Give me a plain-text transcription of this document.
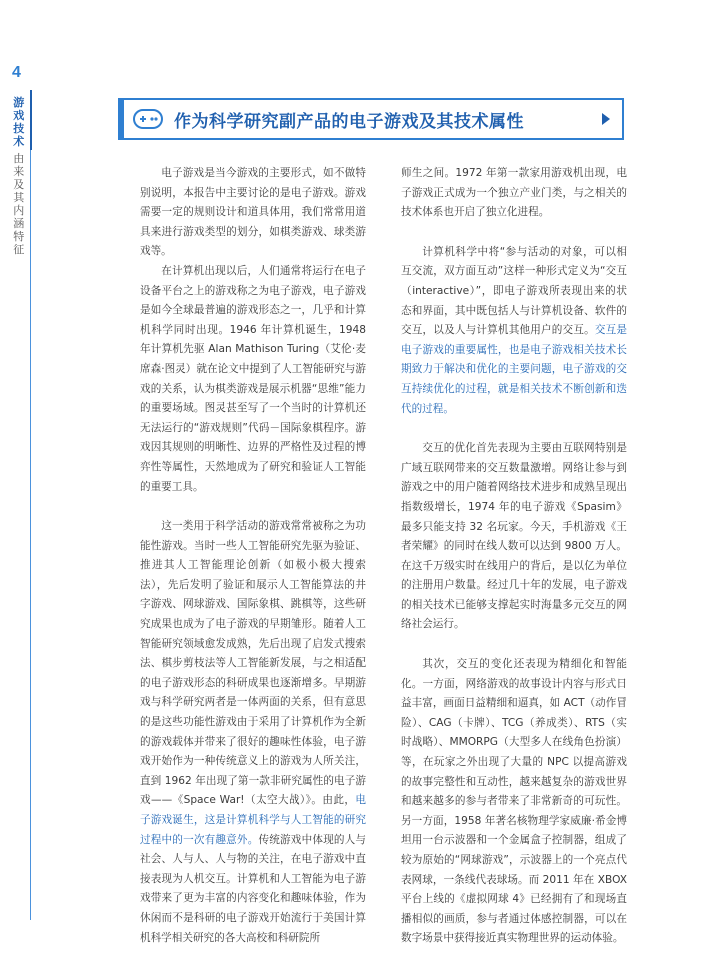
4
游戏技术
由来及其内涵特征
作为科学研究副产品的电子游戏及其技术属性

电子游戏是当今游戏的主要形式，如不做特别说明，本报告中主要讨论的是电子游戏。游戏需要一定的规则设计和道具体用，我们常常用道具来进行游戏类型的划分，如棋类游戏、球类游戏等。

在计算机出现以后，人们通常将运行在电子设备平台之上的游戏称之为电子游戏，电子游戏是如今全球最普遍的游戏形态之一，几乎和计算机科学同时出现。1946 年计算机诞生，1948 年计算机先驱 Alan Mathison Turing（艾伦·麦席森·图灵）就在论文中提到了人工智能研究与游戏的关系，认为棋类游戏是展示机器“思维”能力的重要场域。图灵甚至写了一个当时的计算机还无法运行的“游戏规则”代码－国际象棋程序。游戏因其规则的明晰性、边界的严格性及过程的博弈性等属性，天然地成为了研究和验证人工智能的重要工具。

这一类用于科学活动的游戏常常被称之为功能性游戏。当时一些人工智能研究先驱为验证、推进其人工智能理论创新（如极小极大搜索法），先后发明了验证和展示人工智能算法的井字游戏、网球游戏、国际象棋、跳棋等，这些研究成果也成为了电子游戏的早期雏形。随着人工智能研究领域愈发成熟，先后出现了启发式搜索法、棋步剪枝法等人工智能新发展，与之相适配的电子游戏形态的科研成果也逐渐增多。早期游戏与科学研究两者是一体两面的关系，但有意思的是这些功能性游戏由于采用了计算机作为全新的游戏载体并带来了很好的趣味性体验，电子游戏开始作为一种传统意义上的游戏为人所关注，直到 1962 年出现了第一款非研究属性的电子游戏——《Space War!（太空大战）》。由此，电子游戏诞生，这是计算机科学与人工智能的研究过程中的一次有趣意外。传统游戏中体现的人与社会、人与人、人与物的关注，在电子游戏中直接表现为人机交互。计算机和人工智能为电子游戏带来了更为丰富的内容变化和趣味体验，作为休闲而不是科研的电子游戏开始流行于美国计算机科学相关研究的各大高校和科研院所

师生之间。1972 年第一款家用游戏机出现，电子游戏正式成为一个独立产业门类，与之相关的技术体系也开启了独立化进程。

计算机科学中将“参与活动的对象，可以相互交流，双方面互动”这样一种形式定义为“交互（interactive）”，即电子游戏所表现出来的状态和界面，其中既包括人与计算机设备、软件的交互，以及人与计算机其他用户的交互。交互是电子游戏的重要属性，也是电子游戏相关技术长期致力于解决和优化的主要问题，电子游戏的交互持续优化的过程，就是相关技术不断创新和迭代的过程。

交互的优化首先表现为主要由互联网特别是广域互联网带来的交互数量激增。网络让参与到游戏之中的用户随着网络技术进步和成熟呈现出指数级增长，1974 年的电子游戏《Spasim》最多只能支持 32 名玩家。今天，手机游戏《王者荣耀》的同时在线人数可以达到 9800 万人。在这千万级实时在线用户的背后，是以亿为单位的注册用户数量。经过几十年的发展，电子游戏的相关技术已能够支撑起实时海量多元交互的网络社会运行。

其次，交互的变化还表现为精细化和智能化。一方面，网络游戏的故事设计内容与形式日益丰富，画面日益精细和逼真，如 ACT（动作冒险）、CAG（卡牌）、TCG（养成类）、RTS（实时战略）、MMORPG（大型多人在线角色扮演）等，在玩家之外出现了大量的 NPC 以提高游戏的故事完整性和互动性，越来越复杂的游戏世界和越来越多的参与者带来了非常新奇的可玩性。另一方面，1958 年著名核物理学家威廉·希金博坦用一台示波器和一个金属盒子控制器，组成了较为原始的“网球游戏”，示波器上的一个亮点代表网球，一条线代表球场。而 2011 年在 XBOX 平台上线的《虚拟网球 4》已经拥有了和现场直播相似的画质，参与者通过体感控制器，可以在数字场景中获得接近真实物理世界的运动体验。
